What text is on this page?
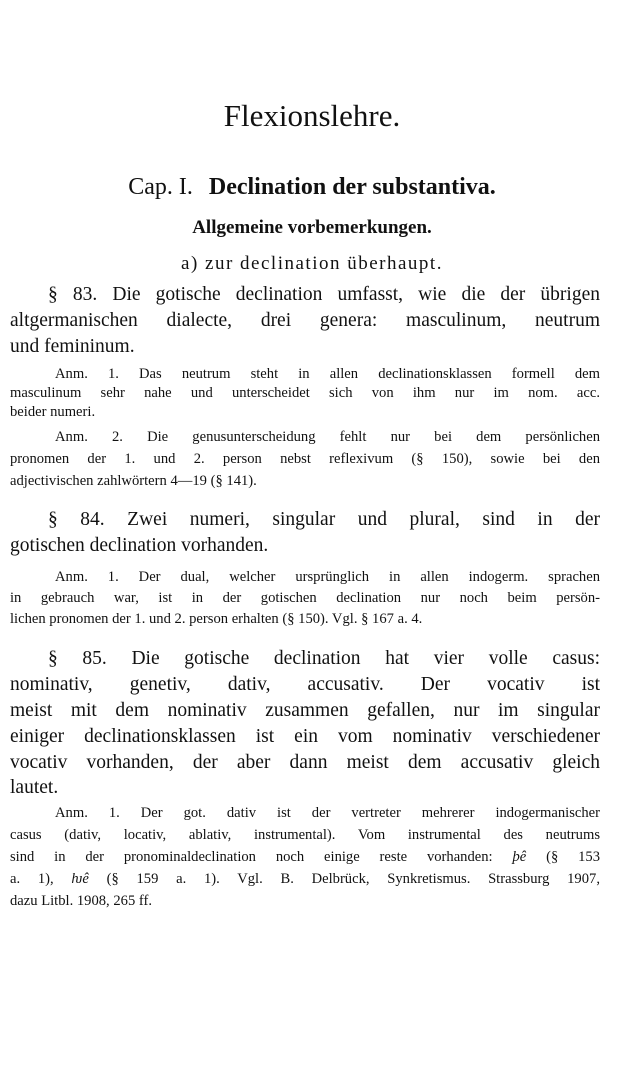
Flexionslehre.
Cap. I. Declination der substantiva.
Allgemeine vorbemerkungen.
a) zur declination überhaupt.
§ 83. Die gotische declination umfasst, wie die der übrigen
altgermanischen dialecte, drei genera: masculinum, neutrum
und femininum.
Anm. 1. Das neutrum steht in allen declinationsklassen formell dem
masculinum sehr nahe und unterscheidet sich von ihm nur im nom. acc.
beider numeri.
Anm. 2. Die genusunterscheidung fehlt nur bei dem persönlichen
pronomen der 1. und 2. person nebst reflexivum (§ 150), sowie bei den
adjectivischen zahlwörtern 4—19 (§ 141).
§ 84. Zwei numeri, singular und plural, sind in der
gotischen declination vorhanden.
Anm. 1. Der dual, welcher ursprünglich in allen indogerm. sprachen
in gebrauch war, ist in der gotischen declination nur noch beim persön-
lichen pronomen der 1. und 2. person erhalten (§ 150). Vgl. § 167 a. 4.
§ 85. Die gotische declination hat vier volle casus:
nominativ, genetiv, dativ, accusativ. Der vocativ ist
meist mit dem nominativ zusammen gefallen, nur im singular
einiger declinationsklassen ist ein vom nominativ verschiedener
vocativ vorhanden, der aber dann meist dem accusativ gleich
lautet.
Anm. 1. Der got. dativ ist der vertreter mehrerer indogermanischer
casus (dativ, locativ, ablativ, instrumental). Vom instrumental des neutrums
sind in der pronominaldeclination noch einige reste vorhanden: þê (§ 153
a. 1), ƕê (§ 159 a. 1). Vgl. B. Delbrück, Synkretismus. Strassburg 1907,
dazu Litbl. 1908, 265 ff.
